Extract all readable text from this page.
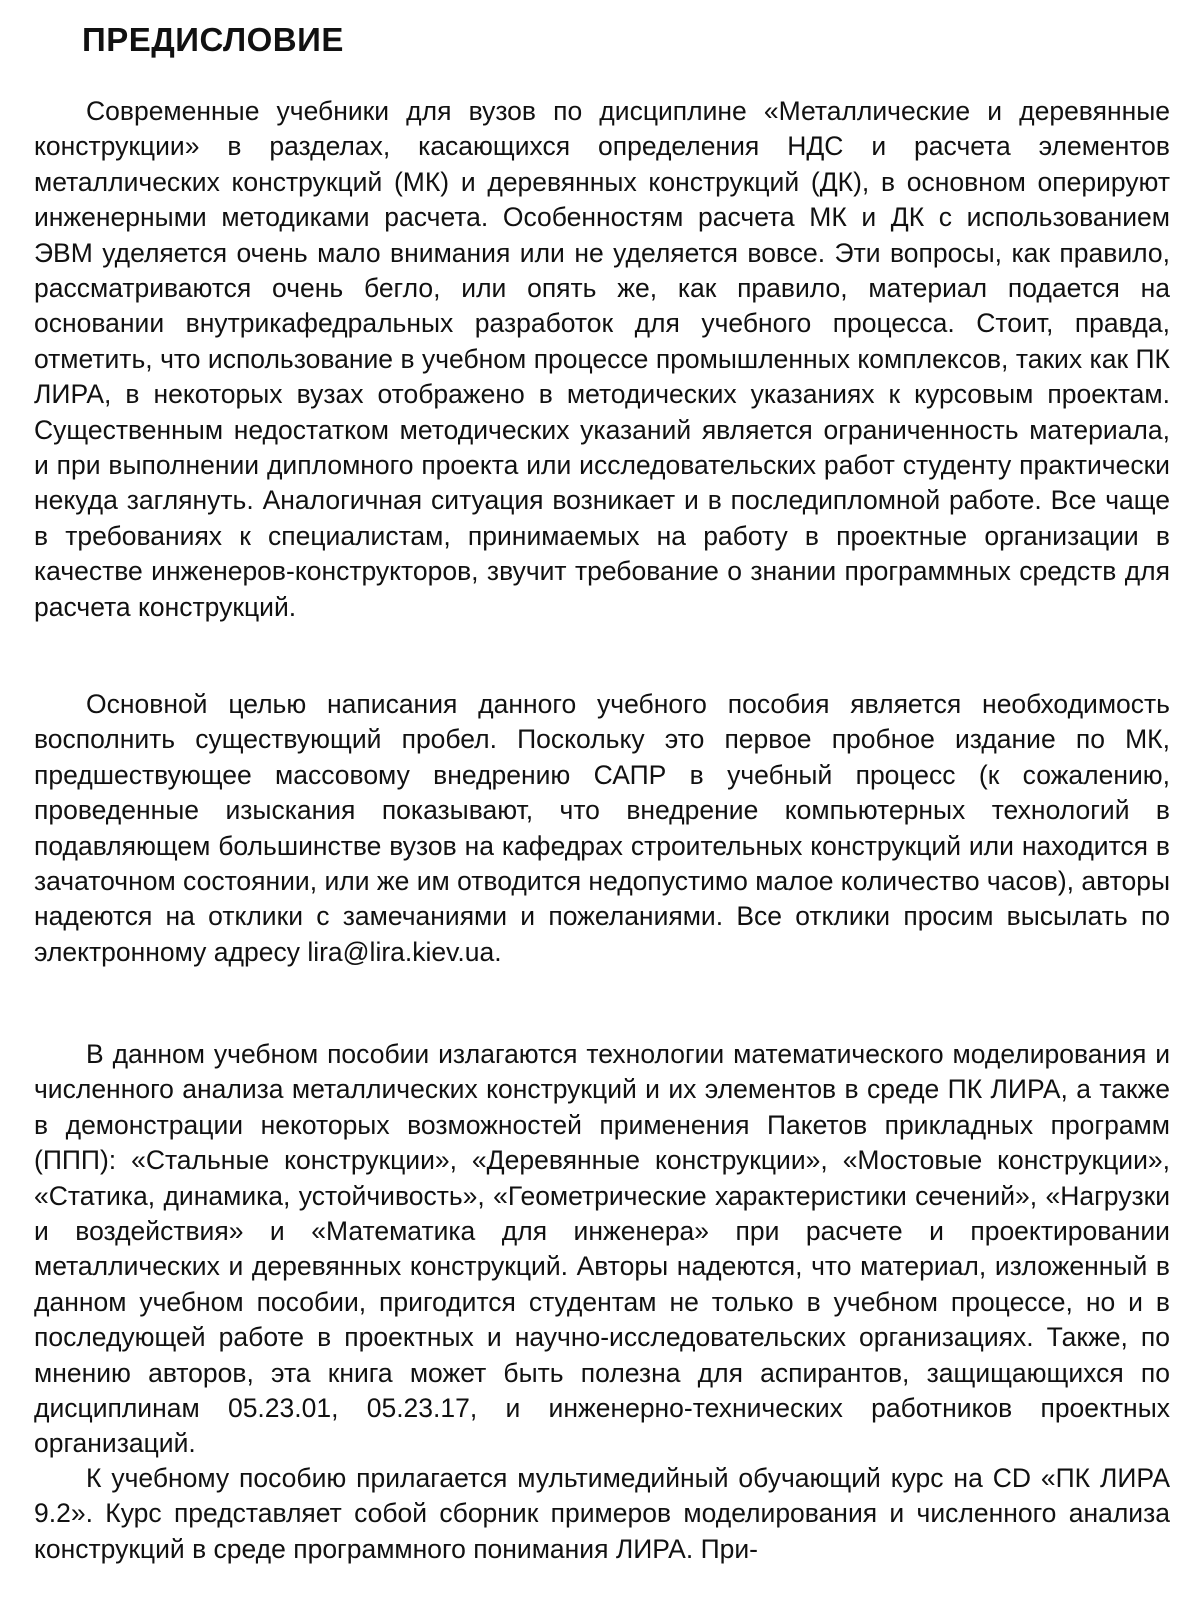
ПРЕДИСЛОВИЕ

Современные учебники для вузов по дисциплине «Металлические и деревянные конструкции» в разделах, касающихся определения НДС и расчета элементов металлических конструкций (МК) и деревянных конструкций (ДК), в основном оперируют инженерными методиками расчета. Особенностям расчета МК и ДК с использованием ЭВМ уделяется очень мало внимания или не уделяется вовсе. Эти вопросы, как правило, рассматриваются очень бегло, или опять же, как правило, материал подается на основании внутрикафедральных разработок для учебного процесса. Стоит, правда, отметить, что использование в учебном процессе промышленных комплексов, таких как ПК ЛИРА, в некоторых вузах отображено в методических указаниях к курсовым проектам. Существенным недостатком методических указаний является ограниченность материала, и при выполнении дипломного проекта или исследовательских работ студенту практически некуда заглянуть. Аналогичная ситуация возникает и в последипломной работе. Все чаще в требованиях к специалистам, принимаемых на работу в проектные организации в качестве инженеров-конструкторов, звучит требование о знании программных средств для расчета конструкций.

Основной целью написания данного учебного пособия является необходимость восполнить существующий пробел. Поскольку это первое пробное издание по МК, предшествующее массовому внедрению САПР в учебный процесс (к сожалению, проведенные изыскания показывают, что внедрение компьютерных технологий в подавляющем большинстве вузов на кафедрах строительных конструкций или находится в зачаточном состоянии, или же им отводится недопустимо малое количество часов), авторы надеются на отклики с замечаниями и пожеланиями. Все отклики просим высылать по электронному адресу lira@lira.kiev.ua.

В данном учебном пособии излагаются технологии математического моделирования и численного анализа металлических конструкций и их элементов в среде ПК ЛИРА, а также в демонстрации некоторых возможностей применения Пакетов прикладных программ (ППП): «Стальные конструкции», «Деревянные конструкции», «Мостовые конструкции», «Статика, динамика, устойчивость», «Геометрические характеристики сечений», «Нагрузки и воздействия» и «Математика для инженера» при расчете и проектировании металлических и деревянных конструкций. Авторы надеются, что материал, изложенный в данном учебном пособии, пригодится студентам не только в учебном процессе, но и в последующей работе в проектных и научно-исследовательских организациях. Также, по мнению авторов, эта книга может быть полезна для аспирантов, защищающихся по дисциплинам 05.23.01, 05.23.17, и инженерно-технических работников проектных организаций.

К учебному пособию прилагается мультимедийный обучающий курс на CD «ПК ЛИРА 9.2». Курс представляет собой сборник примеров моделирования и численного анализа конструкций в среде программного понимания ЛИРА. При-
